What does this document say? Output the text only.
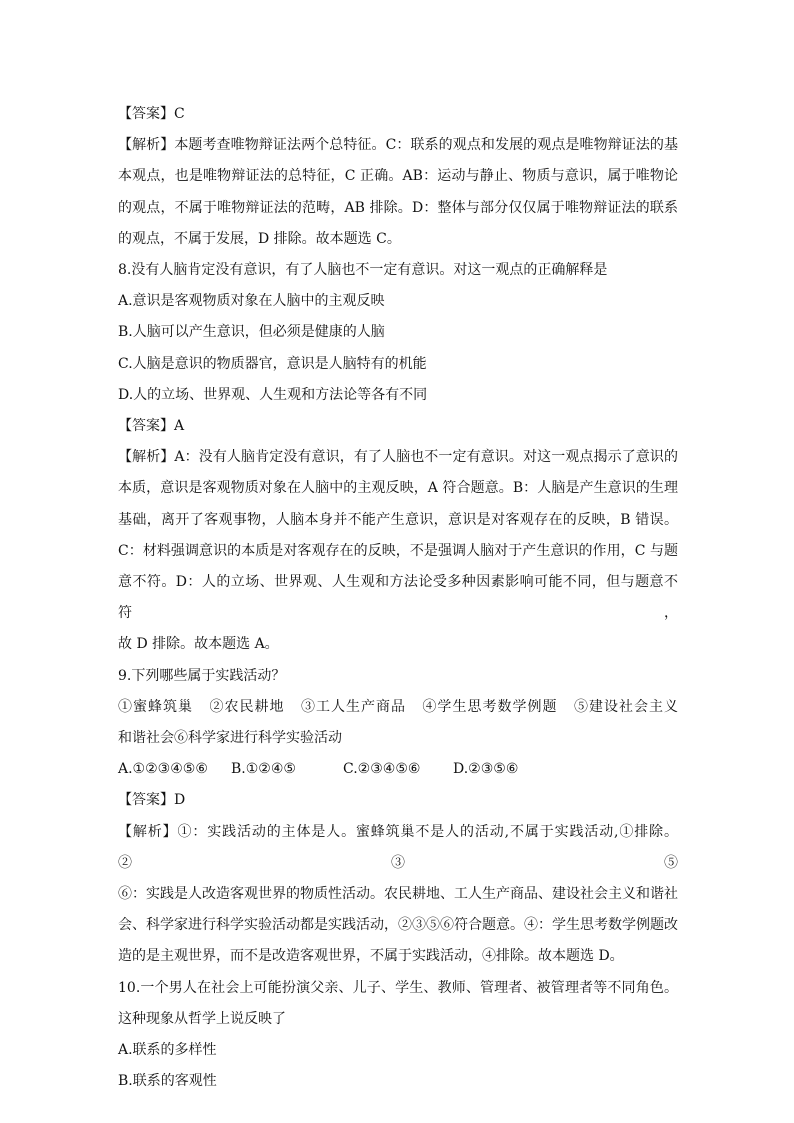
【答案】C
【解析】本题考查唯物辩证法两个总特征。C：联系的观点和发展的观点是唯物辩证法的基
本观点，也是唯物辩证法的总特征，C 正确。AB：运动与静止、物质与意识，属于唯物论
的观点，不属于唯物辩证法的范畴，AB 排除。D：整体与部分仅仅属于唯物辩证法的联系
的观点，不属于发展，D 排除。故本题选 C。
8.没有人脑肯定没有意识，有了人脑也不一定有意识。对这一观点的正确解释是
A.意识是客观物质对象在人脑中的主观反映
B.人脑可以产生意识，但必须是健康的人脑
C.人脑是意识的物质器官，意识是人脑特有的机能
D.人的立场、世界观、人生观和方法论等各有不同
【答案】A
【解析】A：没有人脑肯定没有意识，有了人脑也不一定有意识。对这一观点揭示了意识的
本质，意识是客观物质对象在人脑中的主观反映，A 符合题意。B：人脑是产生意识的生理
基础，离开了客观事物，人脑本身并不能产生意识，意识是对客观存在的反映，B 错误。
C：材料强调意识的本质是对客观存在的反映，不是强调人脑对于产生意识的作用，C 与题
意不符。D：人的立场、世界观、人生观和方法论受多种因素影响可能不同，但与题意不符，
故 D 排除。故本题选 A。
9.下列哪些属于实践活动？
①蜜蜂筑巢 ②农民耕地 ③工人生产商品 ④学生思考数学例题 ⑤建设社会主义
和谐社会⑥科学家进行科学实验活动
A.①②③④⑤⑥ B.①②④⑤	C.②③④⑤⑥ D.②③⑤⑥
【答案】D
【解析】①：实践活动的主体是人。蜜蜂筑巢不是人的活动,不属于实践活动,①排除。②③⑤
⑥：实践是人改造客观世界的物质性活动。农民耕地、工人生产商品、建设社会主义和谐社
会、科学家进行科学实验活动都是实践活动，②③⑤⑥符合题意。④：学生思考数学例题改
造的是主观世界，而不是改造客观世界，不属于实践活动，④排除。故本题选 D。
10.一个男人在社会上可能扮演父亲、儿子、学生、教师、管理者、被管理者等不同角色。
这种现象从哲学上说反映了
A.联系的多样性
B.联系的客观性
